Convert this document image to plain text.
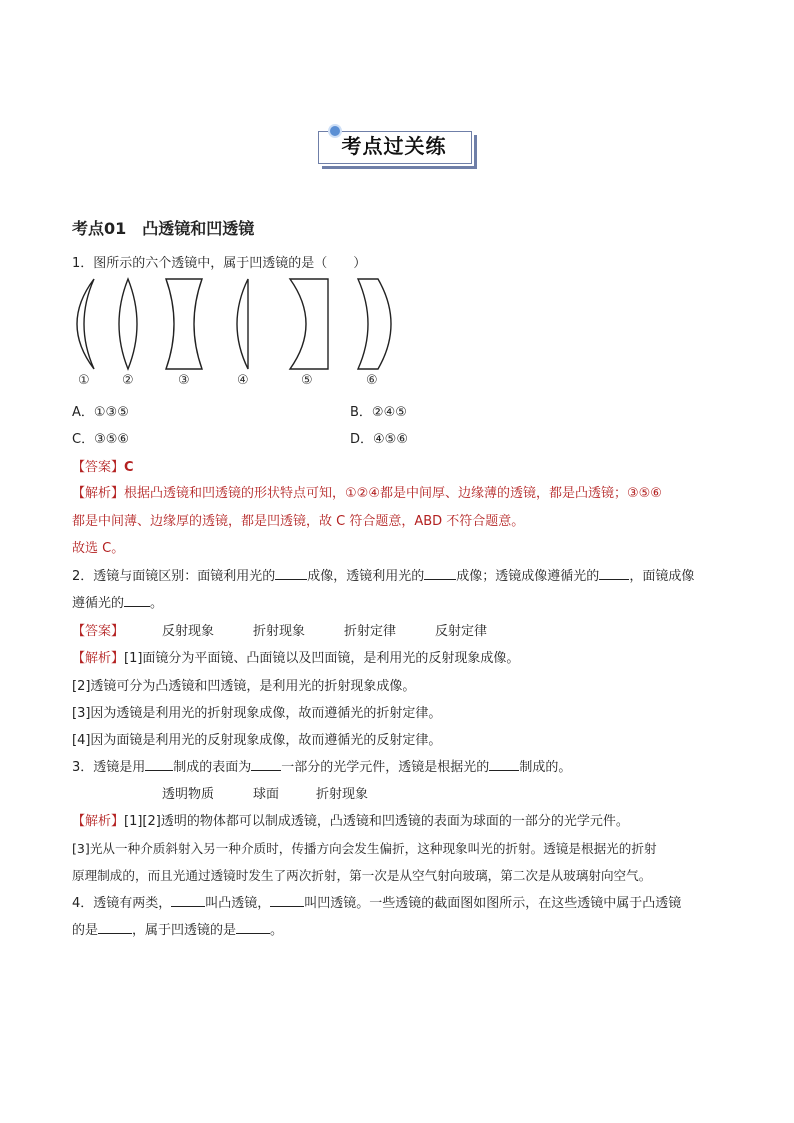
考点过关练
考点01　凸透镜和凹透镜
1．图所示的六个透镜中，属于凹透镜的是（　　）
① ②	③	④	⑤	⑥
A．①③⑤	B．②④⑤
C．③⑤⑥	D．④⑤⑥
【答案】C
【解析】根据凸透镜和凹透镜的形状特点可知，①②④都是中间厚、边缘薄的透镜，都是凸透镜；③⑤⑥
都是中间薄、边缘厚的透镜，都是凹透镜，故 C 符合题意，ABD 不符合题意。
故选 C。
2．透镜与面镜区别：面镜利用光的 成像，透镜利用光的 成像；透镜成像遵循光的 ，面镜成像
遵循光的 。
【答案】	反射现象	折射现象	折射定律	反射定律
【解析】[1]面镜分为平面镜、凸面镜以及凹面镜，是利用光的反射现象成像。
[2]透镜可分为凸透镜和凹透镜，是利用光的折射现象成像。
[3]因为透镜是利用光的折射现象成像，故而遵循光的折射定律。
[4]因为面镜是利用光的反射现象成像，故而遵循光的反射定律。
3．透镜是用 制成的表面为 一部分的光学元件，透镜是根据光的 制成的。
透明物质	球面	折射现象
【解析】[1][2]透明的物体都可以制成透镜，凸透镜和凹透镜的表面为球面的一部分的光学元件。
[3]光从一种介质斜射入另一种介质时，传播方向会发生偏折，这种现象叫光的折射。透镜是根据光的折射
原理制成的，而且光通过透镜时发生了两次折射，第一次是从空气射向玻璃，第二次是从玻璃射向空气。
4．透镜有两类，	叫凸透镜，	叫凹透镜。一些透镜的截面图如图所示，在这些透镜中属于凸透镜
的是	，属于凹透镜的是	。
